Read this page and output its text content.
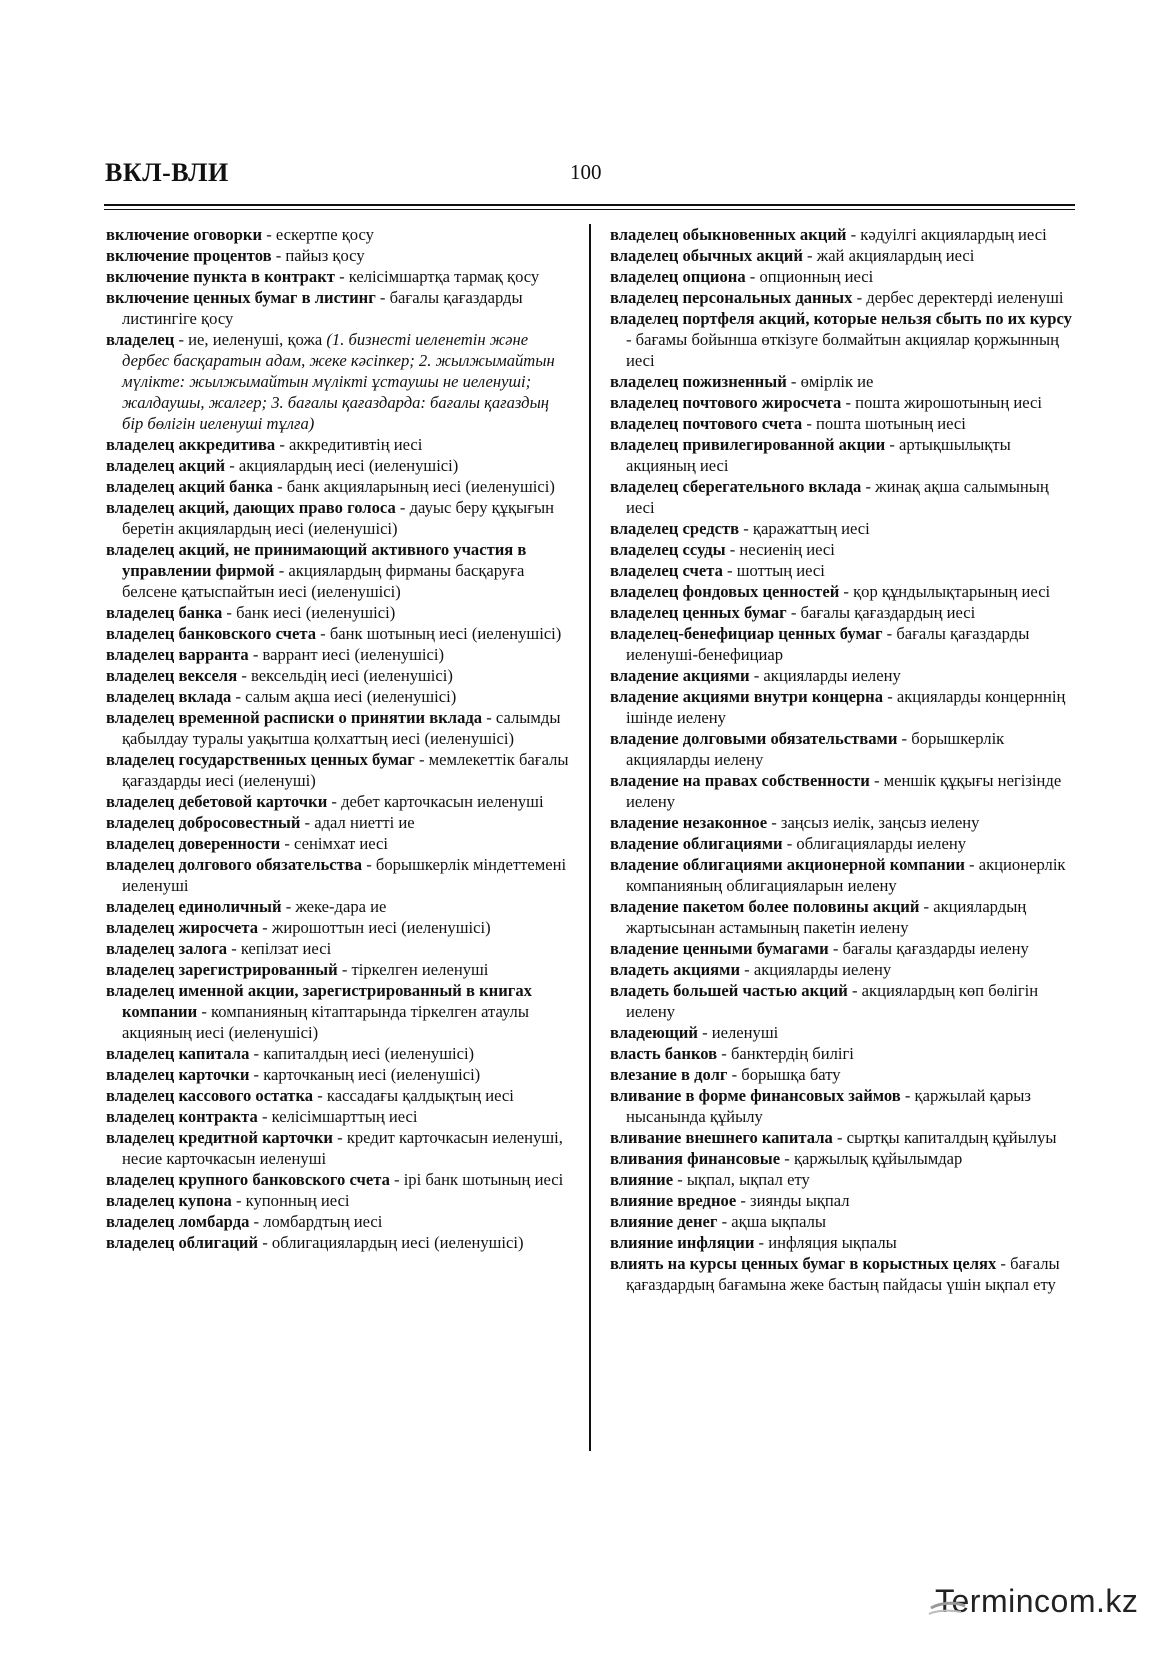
ВКЛ-ВЛИ	100

включение оговорки - ескертпе қосу

включение процентов - пайыз қосу

включение пункта в контракт - келісімшартқа тармақ қосу

включение ценных бумаг в листинг - бағалы қағаздарды листингіге қосу

владелец - ие, иеленуші, қожа (1. бизнесті иеленетін және дербес басқаратын адам, жеке кәсіпкер; 2. жылжымайтын мүлікте: жылжымайтын мүлікті ұстаушы не иеленуші; жалдаушы, жалгер; 3. бағалы қағаздарда: бағалы қағаздың бір бөлігін иеленуші тұлға)

владелец аккредитива - аккредитивтің иесі

владелец акций - акциялардың иесі (иеленушісі)

владелец акций банка - банк акцияларының иесі (иеленушісі)

владелец акций, дающих право голоса - дауыс беру құқығын беретін акциялардың иесі (иеленушісі)

владелец акций, не принимающий активного участия в управлении фирмой - акциялардың фирманы басқаруға белсене қатыспайтын иесі (иеленушісі)

владелец банка - банк иесі (иеленушісі)

владелец банковского счета - банк шотының иесі (иеленушісі)

владелец варранта - варрант иесі (иеленушісі)

владелец векселя - вексельдің иесі (иеленушісі)

владелец вклада - салым ақша иесі (иеленушісі)

владелец временной расписки о принятии вклада - салымды қабылдау туралы уақытша қолхаттың иесі (иеленушісі)

владелец государственных ценных бумаг - мемлекеттік бағалы қағаздарды иесі (иеленуші)

владелец дебетовой карточки - дебет карточкасын иеленуші

владелец добросовестный - адал ниетті ие

владелец доверенности - сенімхат иесі

владелец долгового обязательства - борышкерлік міндеттемені иеленуші

владелец единоличный - жеке-дара ие

владелец жиросчета - жирошоттын иесі (иеленушісі)

владелец залога - кепілзат иесі

владелец зарегистрированный - тіркелген иеленуші

владелец именной акции, зарегистрированный в книгах компании - компанияның кітаптарында тіркелген атаулы акцияның иесі (иеленушісі)

владелец капитала - капиталдың иесі (иеленушісі)

владелец карточки - карточканың иесі (иеленушісі)

владелец кассового остатка - кассадағы қалдықтың иесі

владелец контракта - келісімшарттың иесі

владелец кредитной карточки - кредит карточкасын иеленуші, несие карточкасын иеленуші

владелец крупного банковского счета - ірі банк шотының иесі

владелец купона - купонның иесі

владелец ломбарда - ломбардтың иесі

владелец облигаций - облигациялардың иесі (иеленушісі)

владелец обыкновенных акций - кәдуілгі акциялардың иесі

владелец обычных акций - жай акциялардың иесі

владелец опциона - опционның иесі

владелец персональных данных - дербес деректерді иеленуші

владелец портфеля акций, которые нельзя сбыть по их курсу - бағамы бойынша өткізуге болмайтын акциялар қоржынның иесі

владелец пожизненный - өмірлік ие

владелец почтового жиросчета - пошта жирошотының иесі

владелец почтового счета - пошта шотының иесі

владелец привилегированной акции - артықшылықты акцияның иесі

владелец сберегательного вклада - жинақ ақша салымының иесі

владелец средств - қаражаттың иесі

владелец ссуды - несиенің иесі

владелец счета - шоттың иесі

владелец фондовых ценностей - қор құндылықтарының иесі

владелец ценных бумаг - бағалы қағаздардың иесі

владелец-бенефициар ценных бумаг - бағалы қағаздарды иеленуші-бенефициар

владение акциями - акцияларды иелену

владение акциями внутри концерна - акцияларды концерннің ішінде иелену

владение долговыми обязательствами - борышкерлік акцияларды иелену

владение на правах собственности - меншік құқығы негізінде иелену

владение незаконное - заңсыз иелік, заңсыз иелену

владение облигациями - облигацияларды иелену

владение облигациями акционерной компании - акционерлік компанияның облигацияларын иелену

владение пакетом более половины акций - акциялардың жартысынан астамының пакетін иелену

владение ценными бумагами - бағалы қағаздарды иелену

владеть акциями - акцияларды иелену

владеть большей частью акций - акциялардың көп бөлігін иелену

владеющий - иеленуші

власть банков - банктердің билігі

влезание в долг - борышқа бату

вливание в форме финансовых займов - қаржылай қарыз нысанында құйылу

вливание внешнего капитала - сыртқы капиталдың құйылуы

вливания финансовые - қаржылық құйылымдар

влияние - ықпал, ықпал ету

влияние вредное - зиянды ықпал

влияние денег - ақша ықпалы

влияние инфляции - инфляция ықпалы

влиять на курсы ценных бумаг в корыстных целях - бағалы қағаздардың бағамына жеке бастың пайдасы үшін ықпал ету

Termincom.kz
